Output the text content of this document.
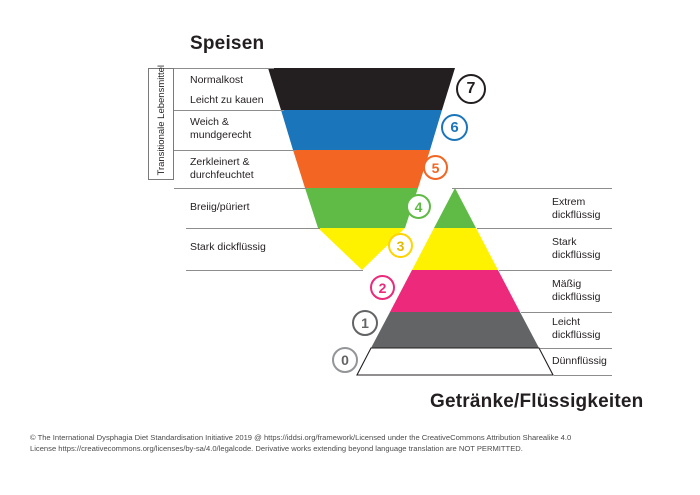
Transitionale Lebensmittel
Speisen
Getränke/Flüssigkeiten
Normalkost
Leicht zu kauen
Weich &
mundgerecht
Zerkleinert &
durchfeuchtet
Breiig/püriert
Stark dickflüssig
Extrem
dickflüssig
Stark
dickflüssig
Mäßig
dickflüssig
Leicht
dickflüssig
Dünnflüssig
7
6
5
4
3
2
1
0
© The International Dysphagia Diet Standardisation Initiative 2019 @ https://iddsi.org/framework/Licensed under the CreativeCommons Attribution Sharealike 4.0
License https://creativecommons.org/licenses/by-sa/4.0/legalcode. Derivative works extending beyond language translation are NOT PERMITTED.
